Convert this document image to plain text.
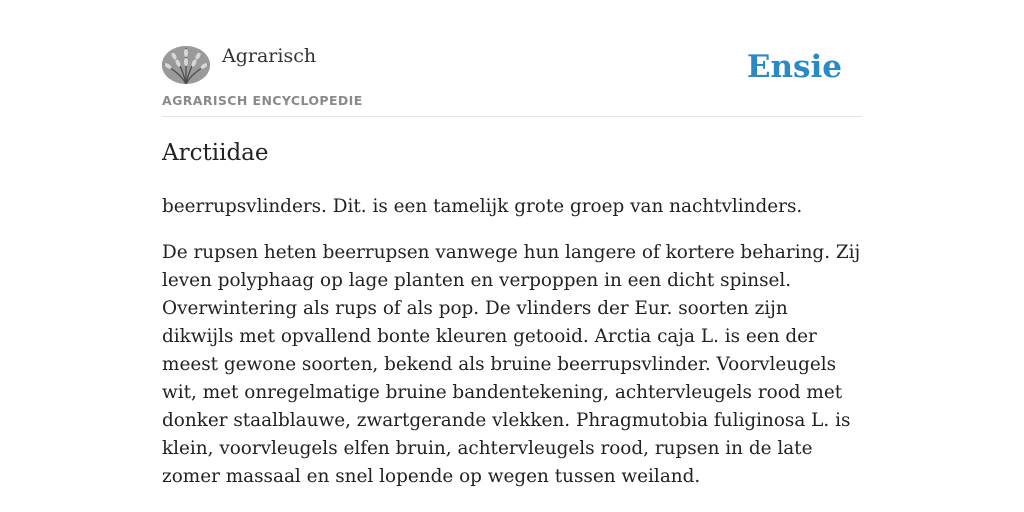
Agrarisch
AGRARISCH ENCYCLOPEDIE
Ensie
Arctiidae

beerrupsvlinders. Dit. is een tamelijk grote groep van nachtvlinders.

De rupsen heten beerrupsen vanwege hun langere of kortere beharing. Zij leven polyphaag op lage planten en verpoppen in een dicht spinsel. Overwintering als rups of als pop. De vlinders der Eur. soorten zijn dikwijls met opvallend bonte kleuren getooid. Arctia caja L. is een der meest gewone soorten, bekend als bruine beerrupsvlinder. Voorvleugels wit, met onregelmatige bruine bandentekening, achtervleugels rood met donker staalblauwe, zwartgerande vlekken. Phragmutobia fuliginosa L. is klein, voorvleugels elfen bruin, achtervleugels rood, rupsen in de late zomer massaal en snel lopende op wegen tussen weiland.
